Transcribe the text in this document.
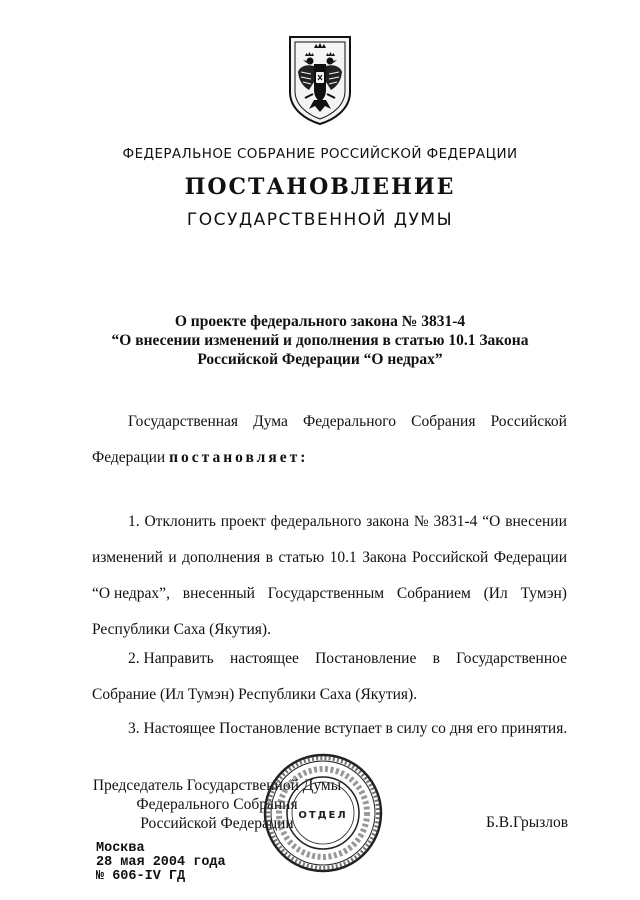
ФЕДЕРАЛЬНОЕ СОБРАНИЕ РОССИЙСКОЙ ФЕДЕРАЦИИ
ПОСТАНОВЛЕНИЕ
ГОСУДАРСТВЕННОЙ ДУМЫ
О проекте федерального закона № 3831-4
“О внесении изменений и дополнения в статью 10.1 Закона
Российской Федерации “О недрах”
Государственная Дума Федерального Собрания Российской
Федерации постановляет:
1. Отклонить проект федерального закона № 3831-4 “О внесении
изменений и дополнения в статью 10.1 Закона Российской Федерации
“О недрах”, внесенный Государственным Собранием (Ил Тумэн)
Республики Саха (Якутия).
2. Направить настоящее Постановление в Государственное
Собрание (Ил Тумэн) Республики Саха (Якутия).
3. Настоящее Постановление вступает в силу со дня его принятия.
Председатель Государственной Думы
Федерального Собрания
Российской Федерации ОТДЕЛ	Б.В.Грызлов
Москва
28 мая 2004 года
№ 606-IV ГД
